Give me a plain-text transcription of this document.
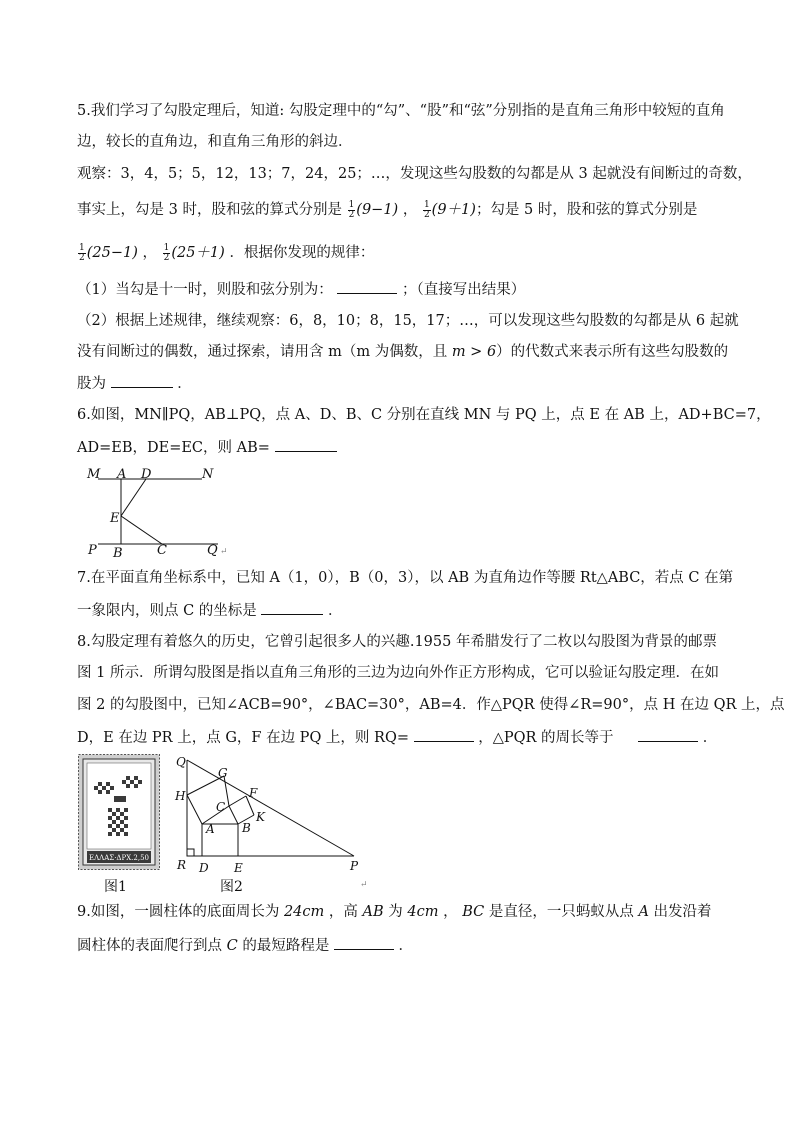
5.我们学习了勾股定理后，知道: 勾股定理中的“勾”、“股”和“弦”分别指的是直角三角形中较短的直角
边，较长的直角边，和直角三角形的斜边．
观察：3，4，5；5，12，13；7，24，25；…，发现这些勾股数的勾都是从 3 起就没有间断过的奇数，
事实上，勾是 3 时，股和弦的算式分别是 $\frac{1}{2} (9-1)$ ， $\frac{1}{2} (9+1)$；勾是 5 时，股和弦的算式分别是
$\frac{1}{2} (25-1)$ ， $\frac{1}{2} (25+1)$ ．根据你发现的规律：
（1）当勾是十一时，则股和弦分别为：	；（直接写出结果）
（2）根据上述规律，继续观察：6，8，10；8，15，17；…，可以发现这些勾股数的勾都是从 6 起就
没有间断过的偶数，通过探索，请用含 m（m 为偶数，且 m > 6）的代数式来表示所有这些勾股数的
股为	．
6.如图，MN∥PQ，AB⊥PQ，点 A、D、B、C 分别在直线 MN 与 PQ 上，点 E 在 AB 上，AD+BC=7，
AD=EB，DE=EC，则 AB=
M A D	N
E
P B	C	Q ↵
7.在平面直角坐标系中，已知 A（1，0），B（0，3），以 AB 为直角边作等腰 Rt△ABC，若点 C 在第
一象限内，则点 C 的坐标是	．
8.勾股定理有着悠久的历史，它曾引起很多人的兴趣.1955 年希腊发行了二枚以勾股图为背景的邮票
图 1 所示．所谓勾股图是指以直角三角形的三边为边向外作正方形构成，它可以验证勾股定理．在如
图 2 的勾股图中，已知∠ACB=90°，∠BAC=30°，AB=4．作△PQR 使得∠R=90°，点 H 在边 QR 上，点
D，E 在边 PR 上，点 G，F 在边 PQ 上，则 RQ=	，△PQR 的周长等于	．
ΕΛΛΑΣ·ΔΡΧ.2,50
图1
Q
G
F
H
C
K
A B
R D E	P
图2	↵
9.如图，一圆柱体的底面周长为 24cm ，高 AB 为 4cm ， BC 是直径，一只蚂蚁从点 A 出发沿着
圆柱体的表面爬行到点 C 的最短路程是	．
